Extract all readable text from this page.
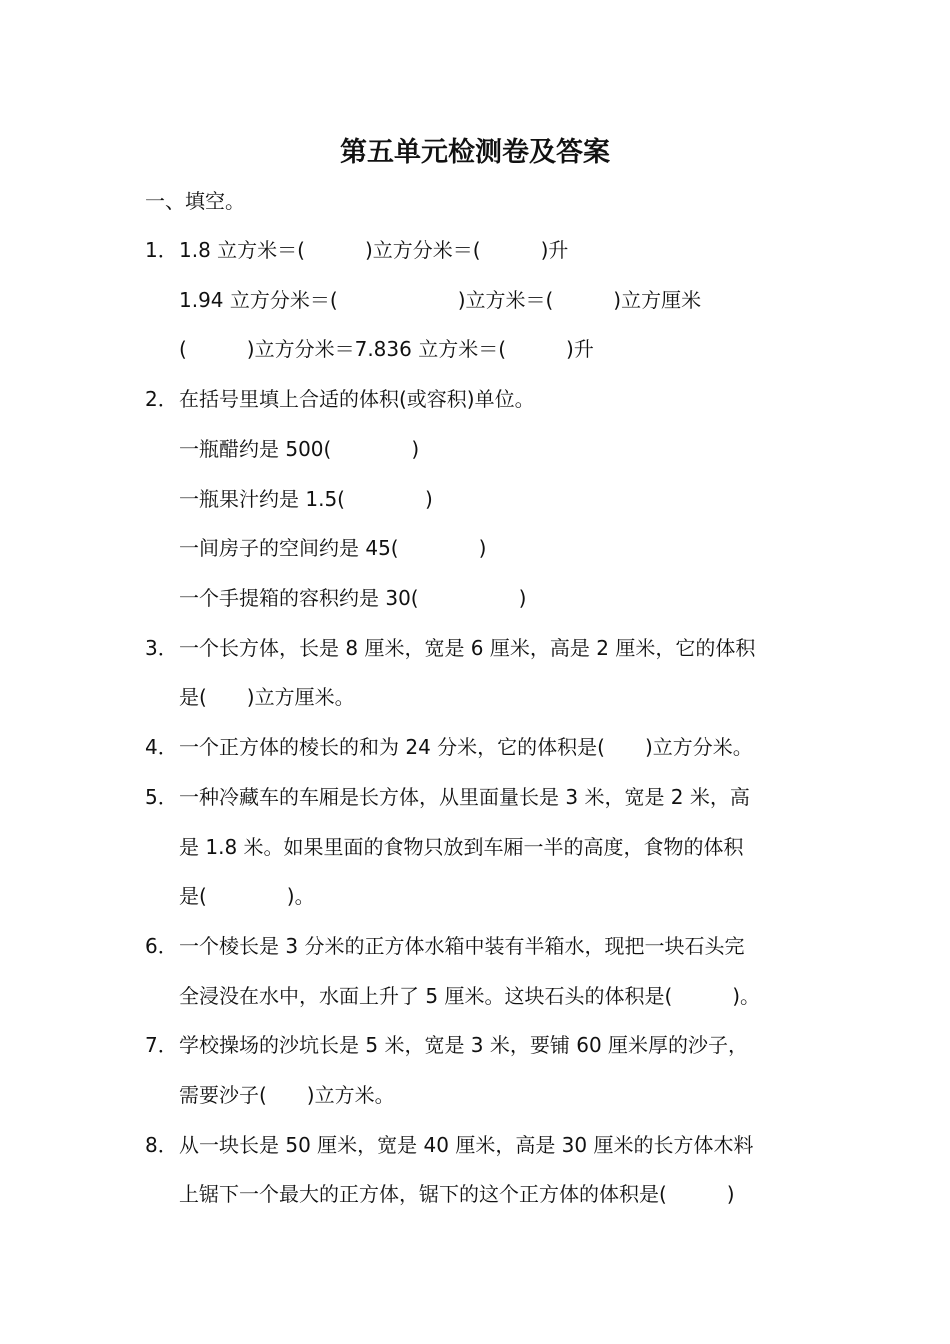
第五单元检测卷及答案
一、填空。
1． 1.8 立方米＝(　　　)立方分米＝(　　　)升
1.94 立方分米＝(　　　　　　)立方米＝(　　　)立方厘米
(　　　)立方分米＝7.836 立方米＝(　　　)升
2． 在括号里填上合适的体积(或容积)单位。
一瓶醋约是 500(　　　　)
一瓶果汁约是 1.5(　　　　)
一间房子的空间约是 45(　　　　)
一个手提箱的容积约是 30(　　　　　)
3． 一个长方体，长是 8 厘米，宽是 6 厘米，高是 2 厘米，它的体积
是(　　)立方厘米。
4． 一个正方体的棱长的和为 24 分米，它的体积是(　　)立方分米。
5． 一种冷藏车的车厢是长方体，从里面量长是 3 米，宽是 2 米，高
是 1.8 米。如果里面的食物只放到车厢一半的高度，食物的体积
是(　　　　)。
6． 一个棱长是 3 分米的正方体水箱中装有半箱水，现把一块石头完
全浸没在水中，水面上升了 5 厘米。这块石头的体积是(　　　)。
7． 学校操场的沙坑长是 5 米，宽是 3 米，要铺 60 厘米厚的沙子，
需要沙子(　　)立方米。
8． 从一块长是 50 厘米，宽是 40 厘米，高是 30 厘米的长方体木料
上锯下一个最大的正方体，锯下的这个正方体的体积是(　　　)
